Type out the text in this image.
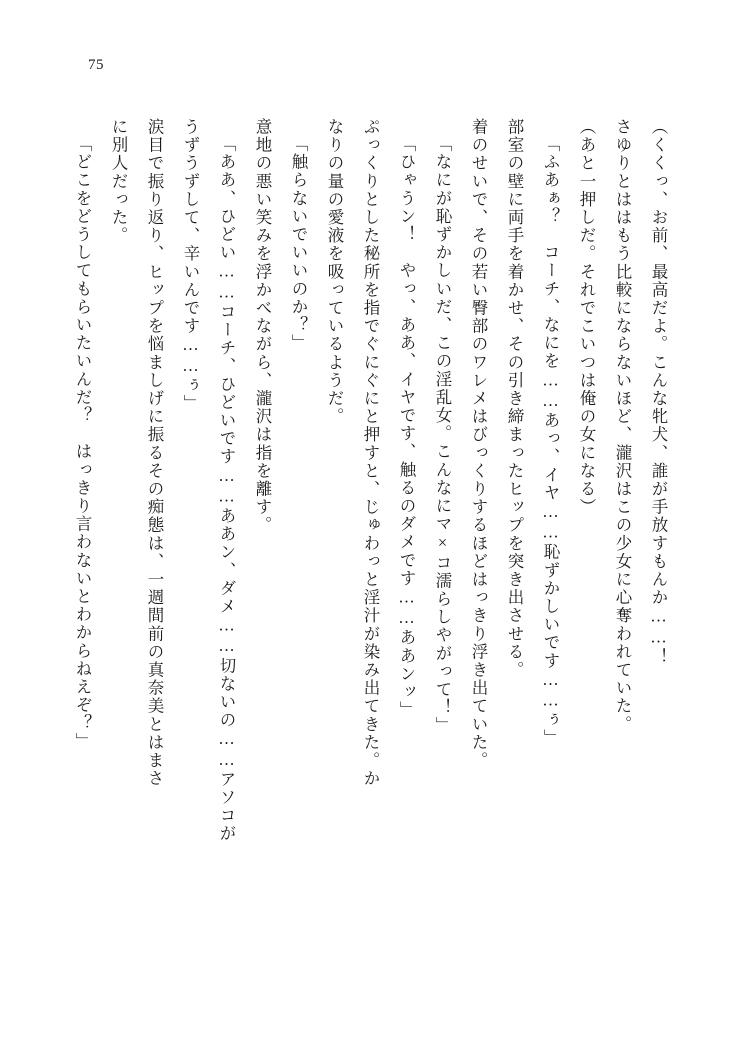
75
（くくっ、お前、最高だよ。こんな牝犬、誰が手放すもんか……！
さゆりとははもう比較にならないほど、瀧沢はこの少女に心奪われていた。
（あと一押しだ。それでこいつは俺の女になる）
「ふあぁ？　コーチ、なにを……あっ、イヤ……恥ずかしいです……ぅ」
部室の壁に両手を着かせ、その引き締まったヒップを突き出させる。
着のせいで、その若い臀部のワレメはびっくりするほどはっきり浮き出ていた。
「なにが恥ずかしいだ、この淫乱女。こんなにマ×コ濡らしやがって！」
「ひゃうン！　やっ、ああ、イヤです、触るのダメです……ああンッ」
ぷっくりとした秘所を指でぐにぐにと押すと、じゅわっと淫汁が染み出てきた。か
なりの量の愛液を吸っているようだ。
「触らないでいいのか？」
意地の悪い笑みを浮かべながら、瀧沢は指を離す。
「ああ、ひどい……コーチ、ひどいです……ああン、ダメ……切ないの……アソコが
うずうずして、辛いんです……ぅ」
涙目で振り返り、ヒップを悩ましげに振るその痴態は、一週間前の真奈美とはまさ
に別人だった。
「どこをどうしてもらいたいんだ？　はっきり言わないとわからねえぞ？」
